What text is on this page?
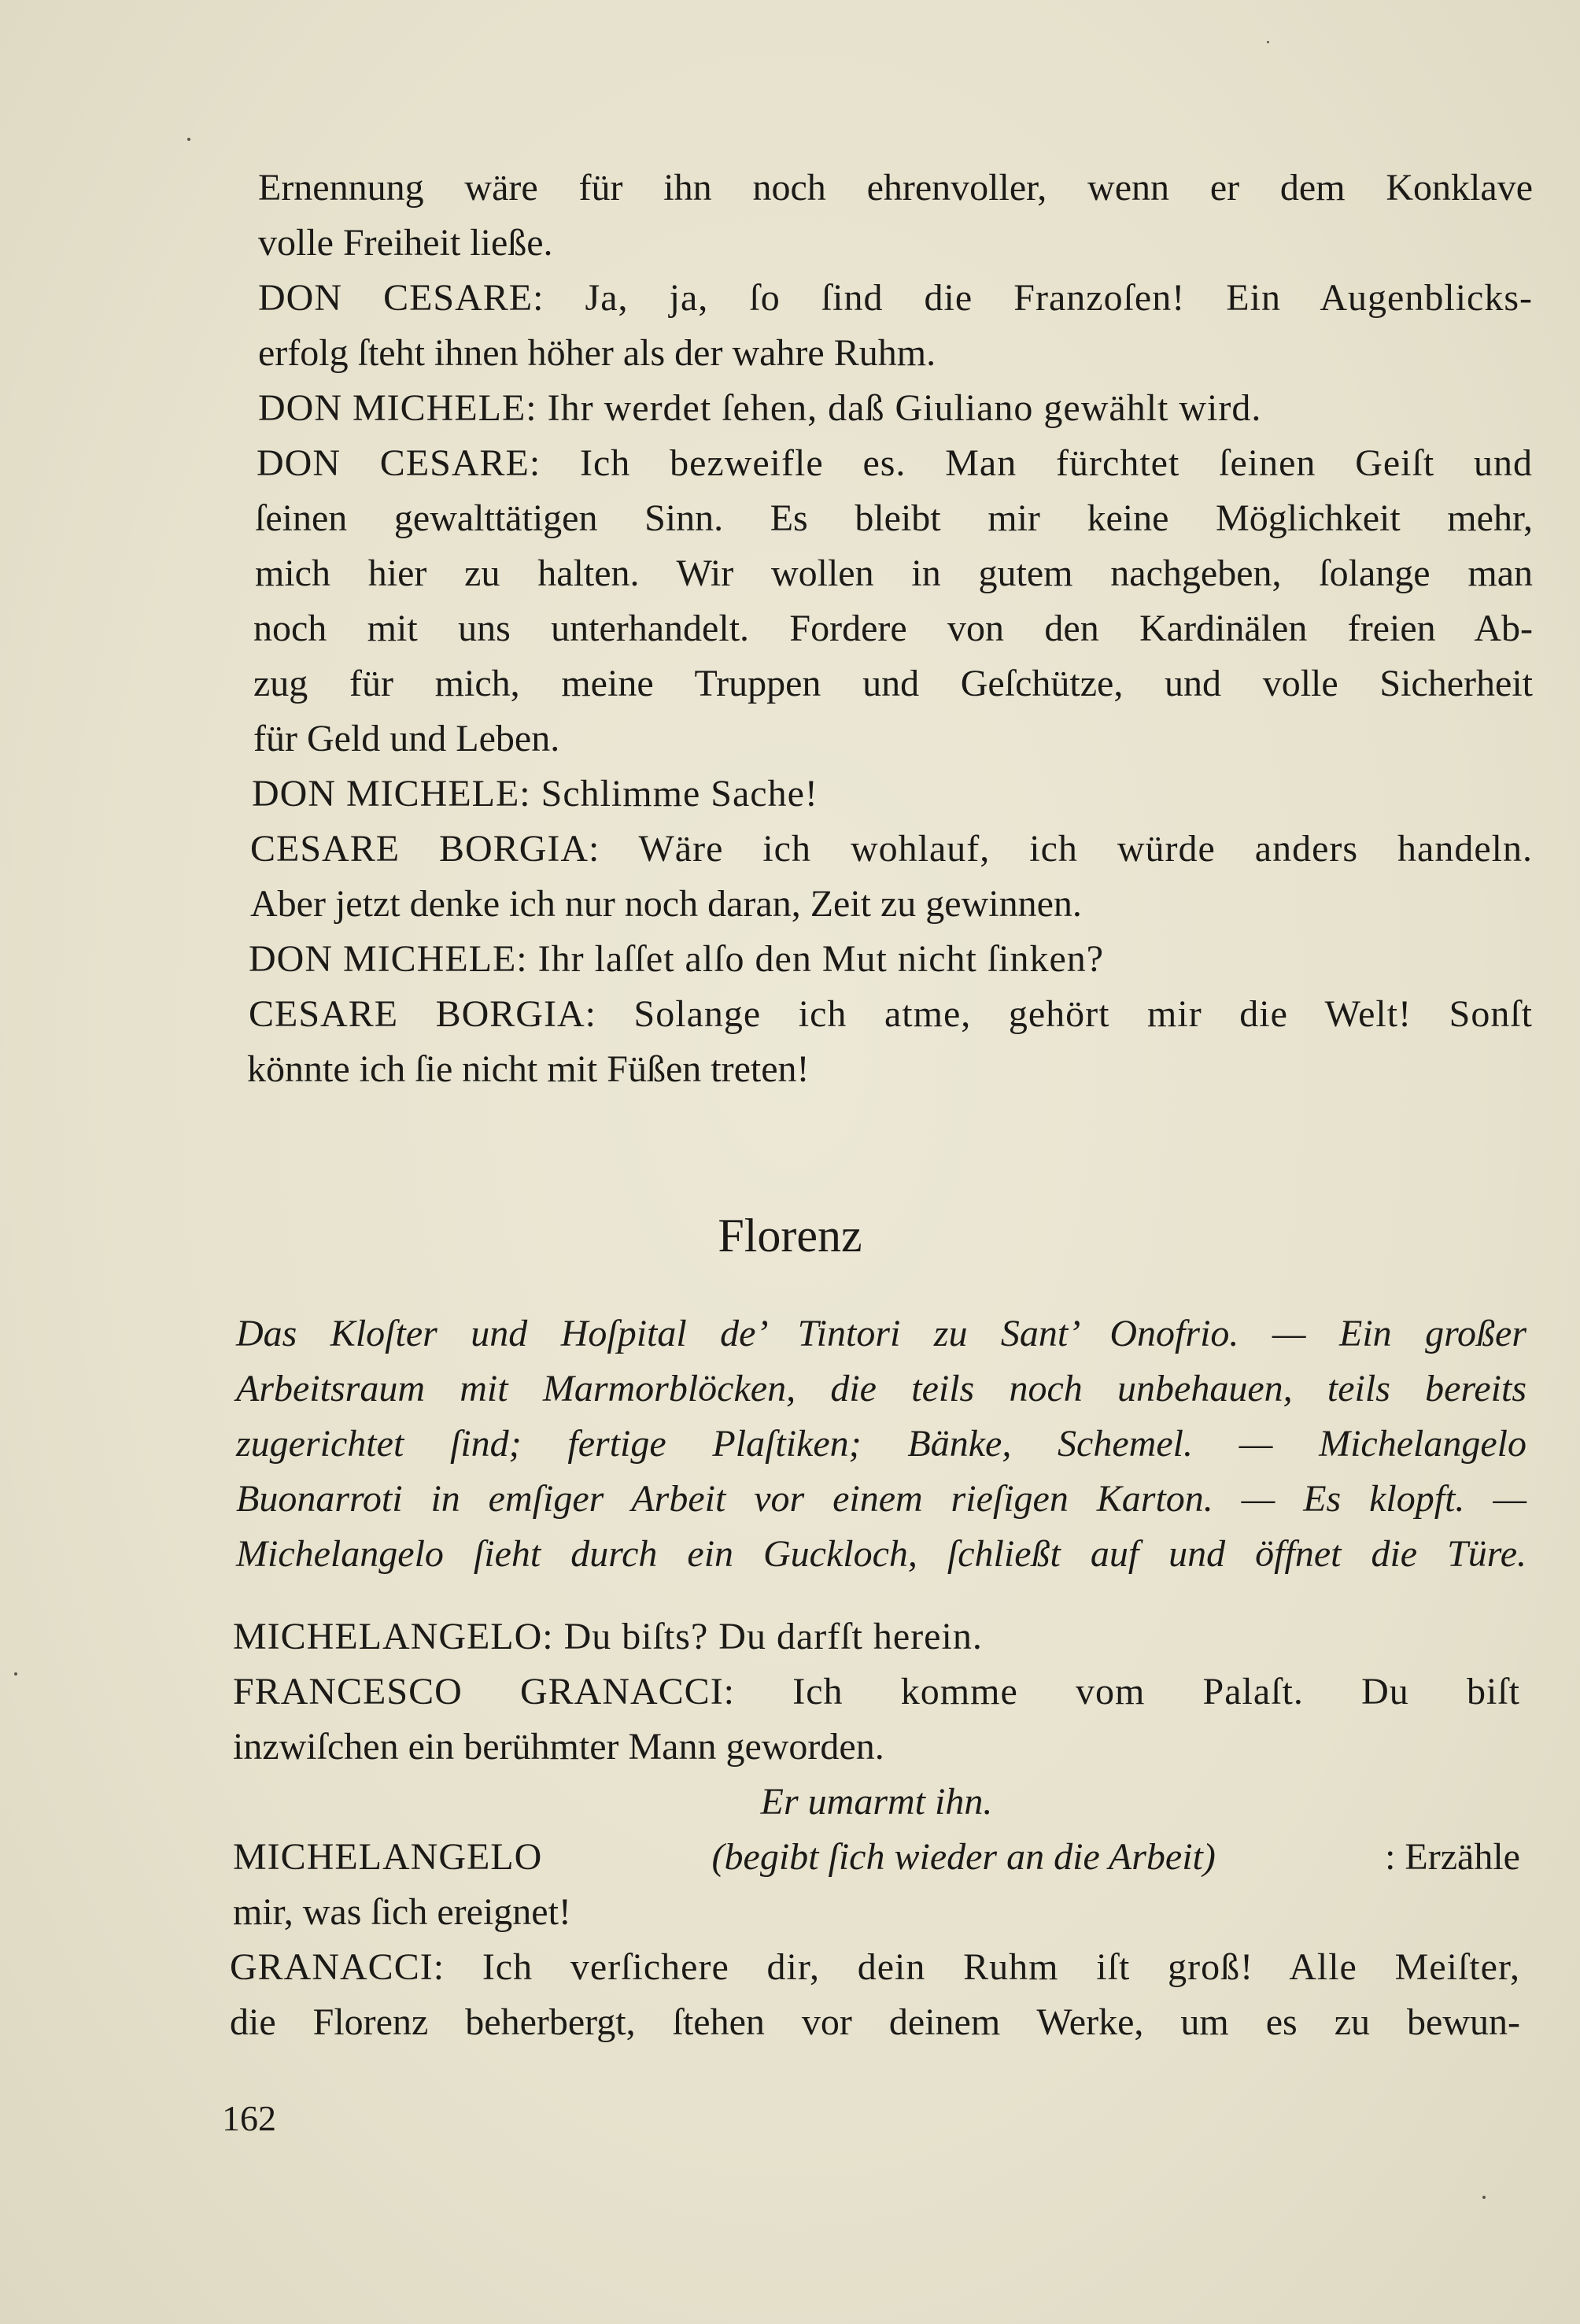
Ernennung wäre für ihn noch ehrenvoller, wenn er dem Konklave
volle Freiheit ließe.
DON CESARE: Ja, ja, ſo ſind die Franzoſen! Ein Augenblicks-
erfolg ſteht ihnen höher als der wahre Ruhm.
DON MICHELE: Ihr werdet ſehen, daß Giuliano gewählt wird.
DON CESARE: Ich bezweifle es. Man fürchtet ſeinen Geiſt und
ſeinen gewalttätigen Sinn. Es bleibt mir keine Möglichkeit mehr,
mich hier zu halten. Wir wollen in gutem nachgeben, ſolange man
noch mit uns unterhandelt. Fordere von den Kardinälen freien Ab-
zug für mich, meine Truppen und Geſchütze, und volle Sicherheit
für Geld und Leben.
DON MICHELE: Schlimme Sache!
CESARE BORGIA: Wäre ich wohlauf, ich würde anders handeln.
Aber jetzt denke ich nur noch daran, Zeit zu gewinnen.
DON MICHELE: Ihr laſſet alſo den Mut nicht ſinken?
CESARE BORGIA: Solange ich atme, gehört mir die Welt! Sonſt
könnte ich ſie nicht mit Füßen treten!
Florenz
Das Kloſter und Hoſpital de’ Tintori zu Sant’ Onofrio. — Ein großer
Arbeitsraum mit Marmorblöcken, die teils noch unbehauen, teils bereits
zugerichtet ſind; fertige Plaſtiken; Bänke, Schemel. — Michelangelo
Buonarroti in emſiger Arbeit vor einem rieſigen Karton. — Es klopft. —
Michelangelo ſieht durch ein Guckloch, ſchließt auf und öffnet die Türe.
MICHELANGELO: Du biſts? Du darfſt herein.
FRANCESCO GRANACCI: Ich komme vom Palaſt. Du biſt
inzwiſchen ein berühmter Mann geworden.
Er umarmt ihn.
MICHELANGELO	(begibt ſich wieder an die Arbeit)	: Erzähle
mir, was ſich ereignet!
GRANACCI: Ich verſichere dir, dein Ruhm iſt groß! Alle Meiſter,
die Florenz beherbergt, ſtehen vor deinem Werke, um es zu bewun-
162
